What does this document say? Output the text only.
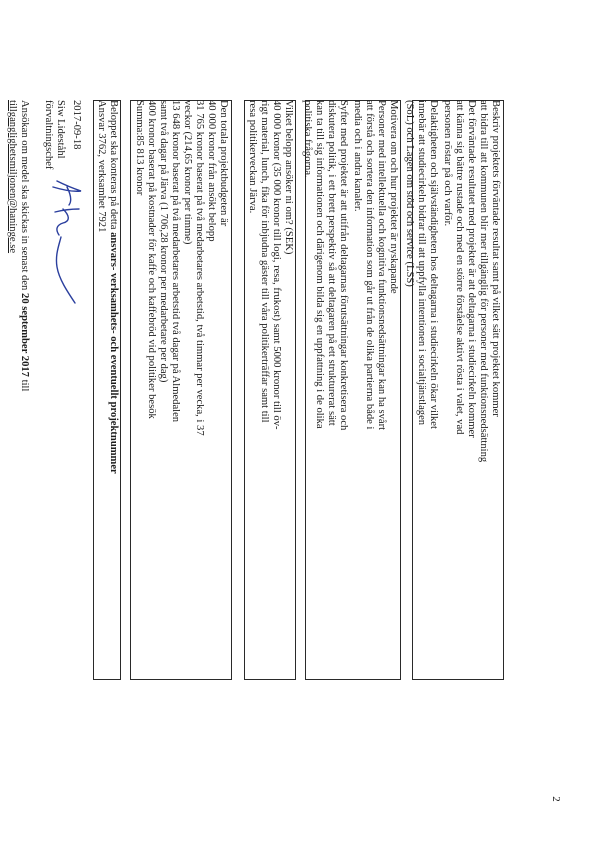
2
Beskriv projektets förväntade resultat samt på vilket sätt projektet kommer
att bidra till att kommunen blir mer tillgänglig för personer med funktionsnedsättning
Det förväntade resultatet med projektet är att deltagarna i studiecirkeln kommer
att känna sig bättre rustade och med en större förståelse aktivt rösta i valet, vad
personen röstar på och varför.
Delaktigheten och självständigheten hos deltagarna i studiecirkeln ökar vilket
innebär att studiecirkeln bidrar till att uppfylla intentionen i socialtjänstlagen
(SoL) och Lagen om stöd och service (LSS)
Motivera om och hur projektet är nyskapande
Personer med intellektuella och kognitiva funktionsnedsättningar kan ha svårt
att förstå och sortera den information som går ut från de olika partierna både i
media och i andra kanaler.
Syftet med projektet är att utifrån deltagarnas förutsättningar konkretisera och
diskutera politik, i ett brett perspektiv så att deltagaren på ett strukturerat sätt
kan ta till sig informationen och därigenom bilda sig en uppfattning i de olika
politiska frågorna.
Vilket belopp ansöker ni om? (SEK)
40 000 kronor (35 000 kronor till logi, resa, frukost) samt 5000 kronor till öv-
rigt material, lunch, fika för inbjudna gäster till våra politikerträffar samt till
resa politikerveckan Järva.
Den totala projektbudgeten är
40 000 kronor från ansökt belopp
31 765 kronor baserat på två medarbetares arbetstid, två timmar per vecka, i 37
veckor (214,65 kronor per timme)
13 648 kronor baserat på två medarbetares arbetstid två dagar på Almedalen
samt två dagar på Järva (1 706,28 kronor per medarbetare per dag)
400 kronor baserat på kostnader för kaffe och kaffebröd vid politiker besök
Summa:85 813 kronor
Beloppet ska konteras på detta ansvars- verksamhets- och eventuellt projektnummer
Ansvar 3762, verksamhet 7921
2017-09-18
Siw Lideståhl
förvaltningschef
Ansökan om medel ska skickas in senast den 20 september 2017 till
tillganglighetsmiljonen@haninge.se
